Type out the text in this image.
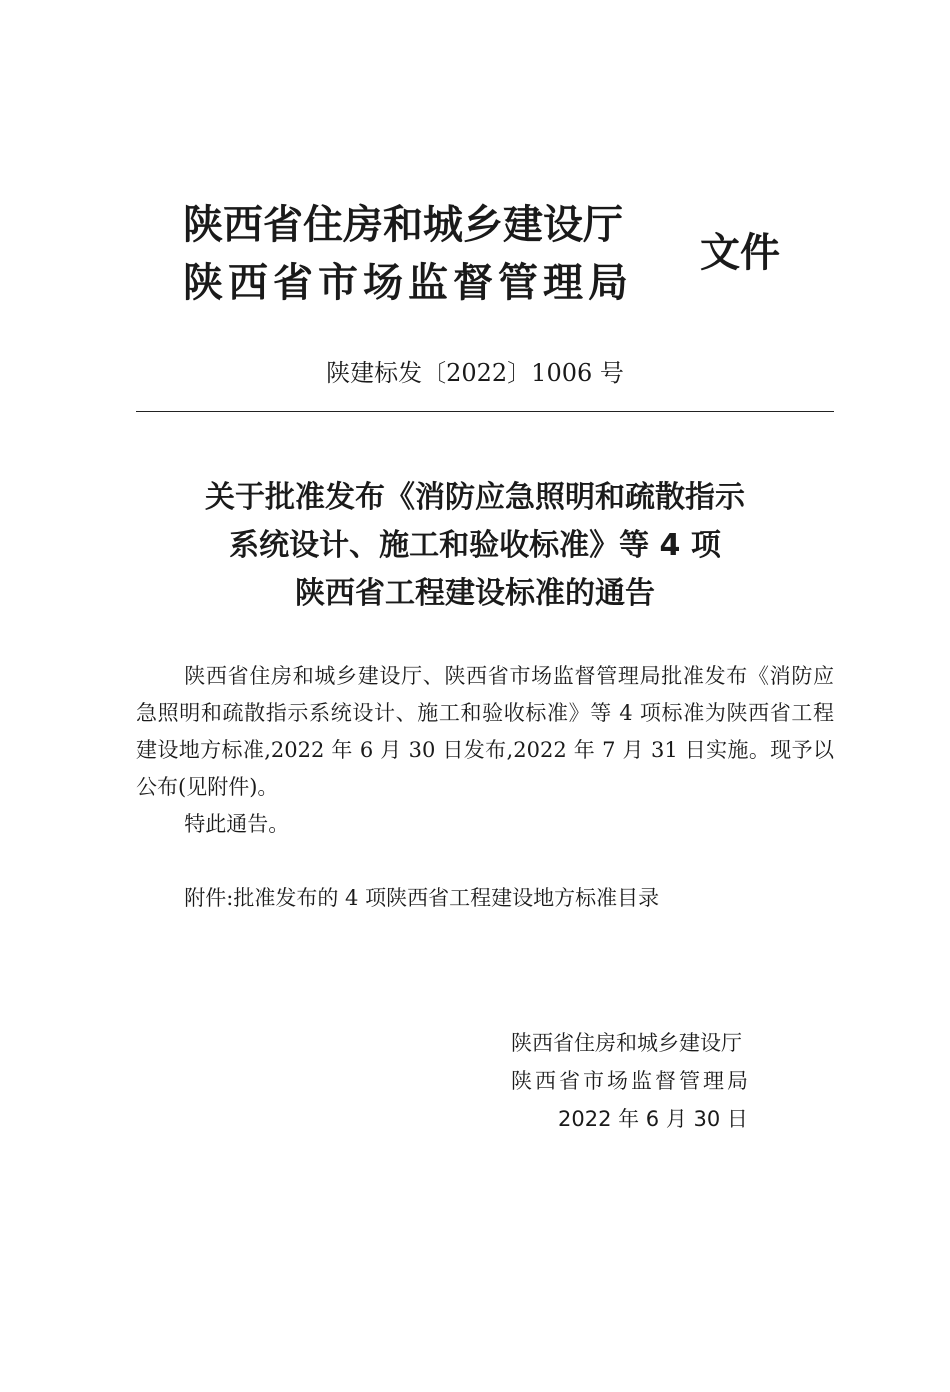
陕西省住房和城乡建设厅
陕西省市场监督管理局
文件
陕建标发〔2022〕1006 号
关于批准发布《消防应急照明和疏散指示
系统设计、施工和验收标准》等 4 项
陕西省工程建设标准的通告

陕西省住房和城乡建设厅、陕西省市场监督管理局批准发布《消防应急照明和疏散指示系统设计、施工和验收标准》等 4 项标准为陕西省工程建设地方标准,2022 年 6 月 30 日发布,2022 年 7 月 31 日实施。现予以公布(见附件)。

特此通告。

附件:批准发布的 4 项陕西省工程建设地方标准目录

陕西省住房和城乡建设厅
陕西省市场监督管理局
2022 年 6 月 30 日
